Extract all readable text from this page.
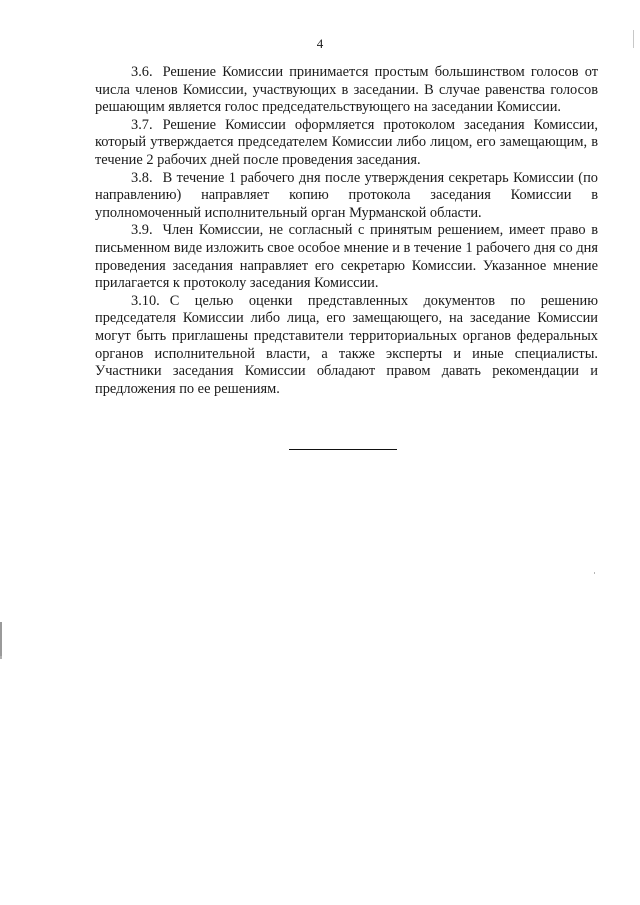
4

3.6. Решение Комиссии принимается простым большинством голосов от числа членов Комиссии, участвующих в заседании. В случае равенства голосов решающим является голос председательствующего на заседании Комиссии.

3.7. Решение Комиссии оформляется протоколом заседания Комиссии, который утверждается председателем Комиссии либо лицом, его замещающим, в течение 2 рабочих дней после проведения заседания.

3.8. В течение 1 рабочего дня после утверждения секретарь Комиссии (по направлению) направляет копию протокола заседания Комиссии в уполномоченный исполнительный орган Мурманской области.

3.9. Член Комиссии, не согласный с принятым решением, имеет право в письменном виде изложить свое особое мнение и в течение 1 рабочего дня со дня проведения заседания направляет его секретарю Комиссии. Указанное мнение прилагается к протоколу заседания Комиссии.

3.10. С целью оценки представленных документов по решению председателя Комиссии либо лица, его замещающего, на заседание Комиссии могут быть приглашены представители территориальных органов федеральных органов исполнительной власти, а также эксперты и иные специалисты. Участники заседания Комиссии обладают правом давать рекомендации и предложения по ее решениям.
